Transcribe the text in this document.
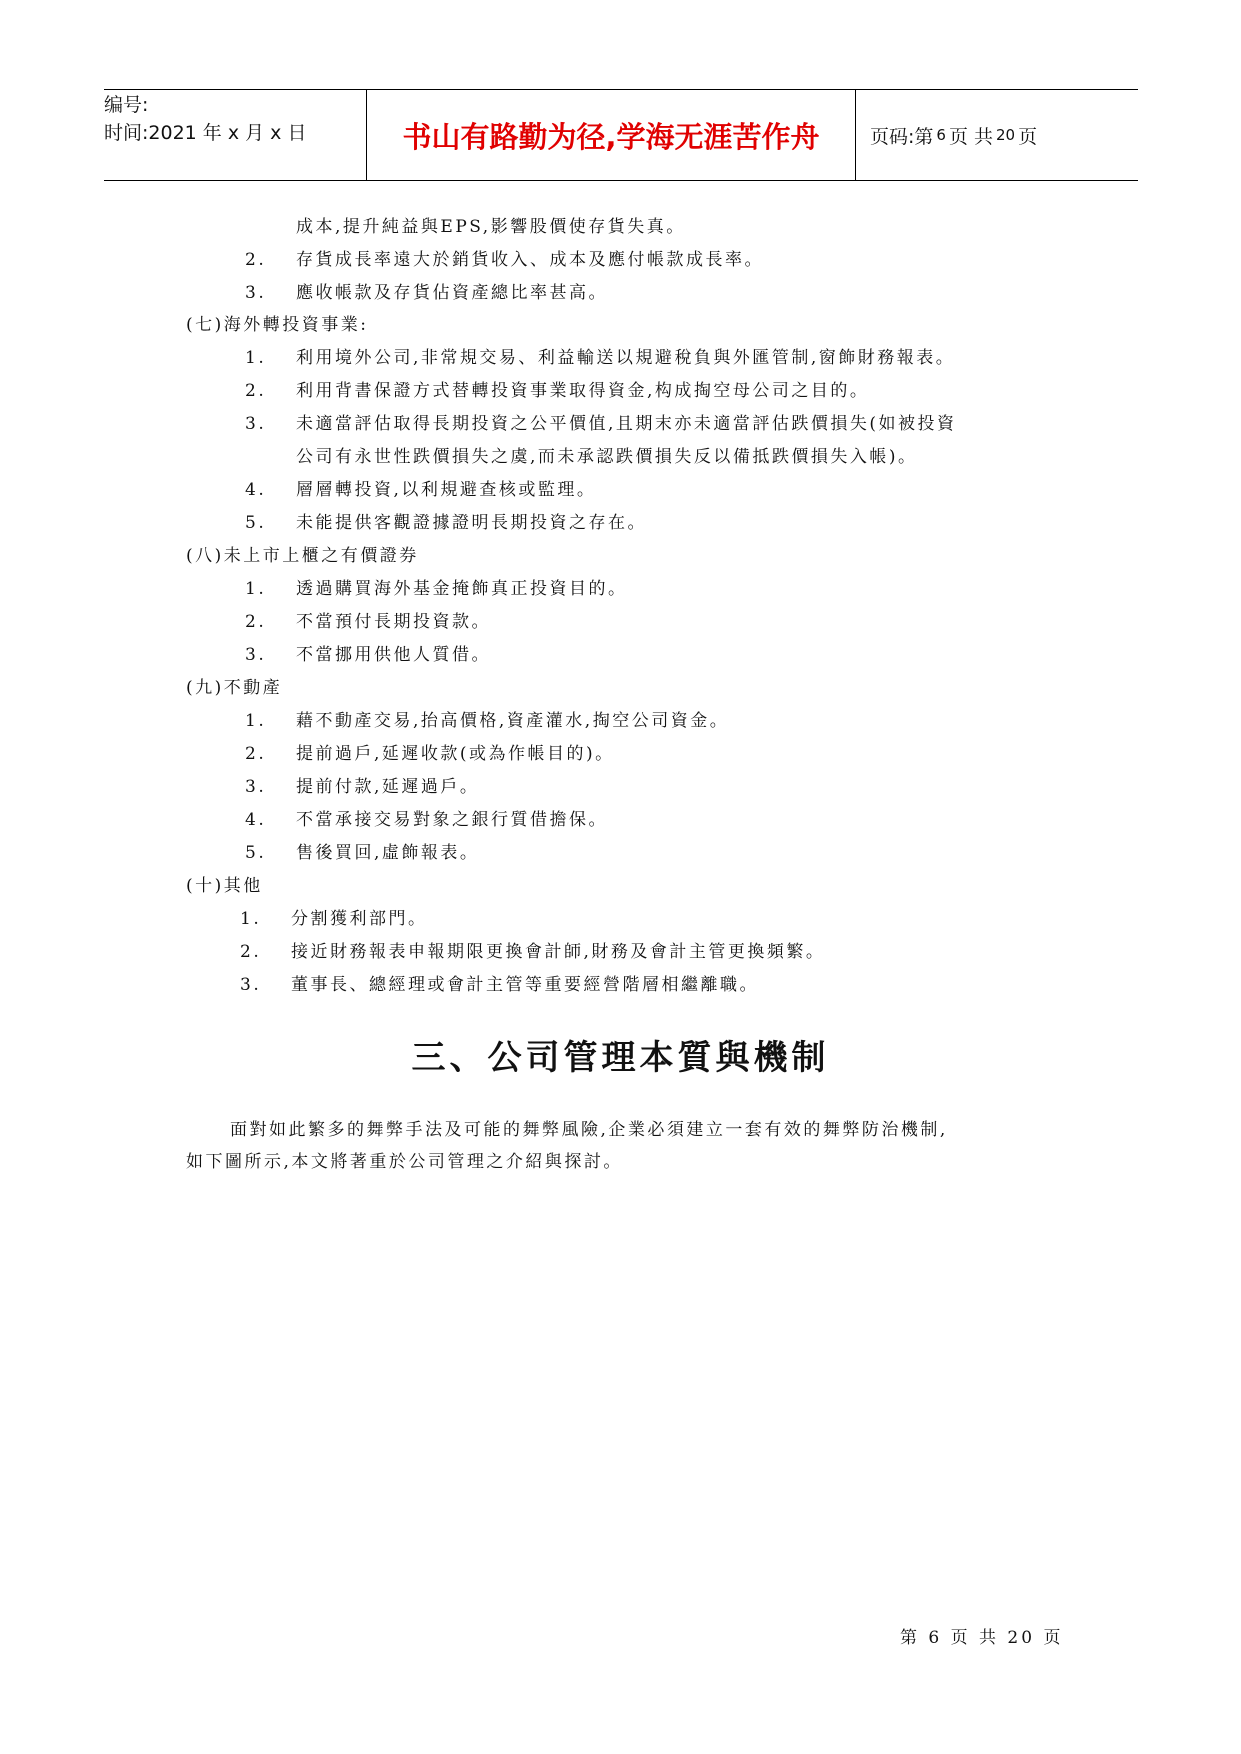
编号:
时间:2021 年 x 月 x 日	书山有路勤为径,学海无涯苦作舟	页码:第 6 页 共 20 页
成本,提升純益與EPS,影響股價使存貨失真。
2. 存貨成長率遠大於銷貨收入、成本及應付帳款成長率。
3. 應收帳款及存貨佔資產總比率甚高。
(七)海外轉投資事業:
1. 利用境外公司,非常規交易、利益輸送以規避稅負與外匯管制,窗飾財務報表。
2. 利用背書保證方式替轉投資事業取得資金,构成掏空母公司之目的。
3. 未適當評估取得長期投資之公平價值,且期末亦未適當評估跌價損失(如被投資
公司有永世性跌價損失之虞,而未承認跌價損失反以備抵跌價損失入帳)。
4. 層層轉投資,以利規避查核或監理。
5. 未能提供客觀證據證明長期投資之存在。
(八)未上市上櫃之有價證券
1. 透過購買海外基金掩飾真正投資目的。
2. 不當預付長期投資款。
3. 不當挪用供他人質借。
(九)不動產
1. 藉不動產交易,抬高價格,資產灌水,掏空公司資金。
2. 提前過戶,延遲收款(或為作帳目的)。
3. 提前付款,延遲過戶。
4. 不當承接交易對象之銀行質借擔保。
5. 售後買回,虛飾報表。
(十)其他
1. 分割獲利部門。
2. 接近財務報表申報期限更換會計師,財務及會計主管更換頻繁。
3. 董事長、總經理或會計主管等重要經營階層相繼離職。
三、公司管理本質與機制
面對如此繁多的舞弊手法及可能的舞弊風險,企業必須建立一套有效的舞弊防治機制,
如下圖所示,本文將著重於公司管理之介紹與探討。
第 6 页 共 20 页
